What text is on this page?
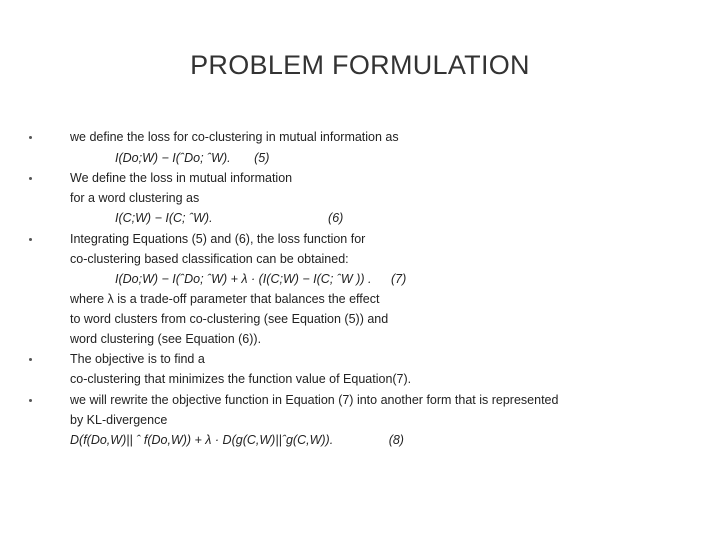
PROBLEM FORMULATION
we define the loss for co-clustering in mutual information as
I(Do;W) − I(ˆDo; ˆW). (5)
We define the loss in mutual information
for a word clustering as
I(C;W) − I(C; ˆW).	(6)
Integrating Equations (5) and (6), the loss function for
co-clustering based classification can be obtained:
I(Do;W) − I(ˆDo; ˆW) + λ · (I(C;W) − I(C; ˆW )) . (7)
where λ is a trade-off parameter that balances the effect
to word clusters from co-clustering (see Equation (5)) and
word clustering (see Equation (6)).
The objective is to find a
co-clustering that minimizes the function value of Equation(7).
we will rewrite the objective function in Equation (7) into another form that is represented
by KL-divergence
D(f(Do,W)|| ˆ f(Do,W)) + λ · D(g(C,W)||ˆg(C,W)).	(8)
